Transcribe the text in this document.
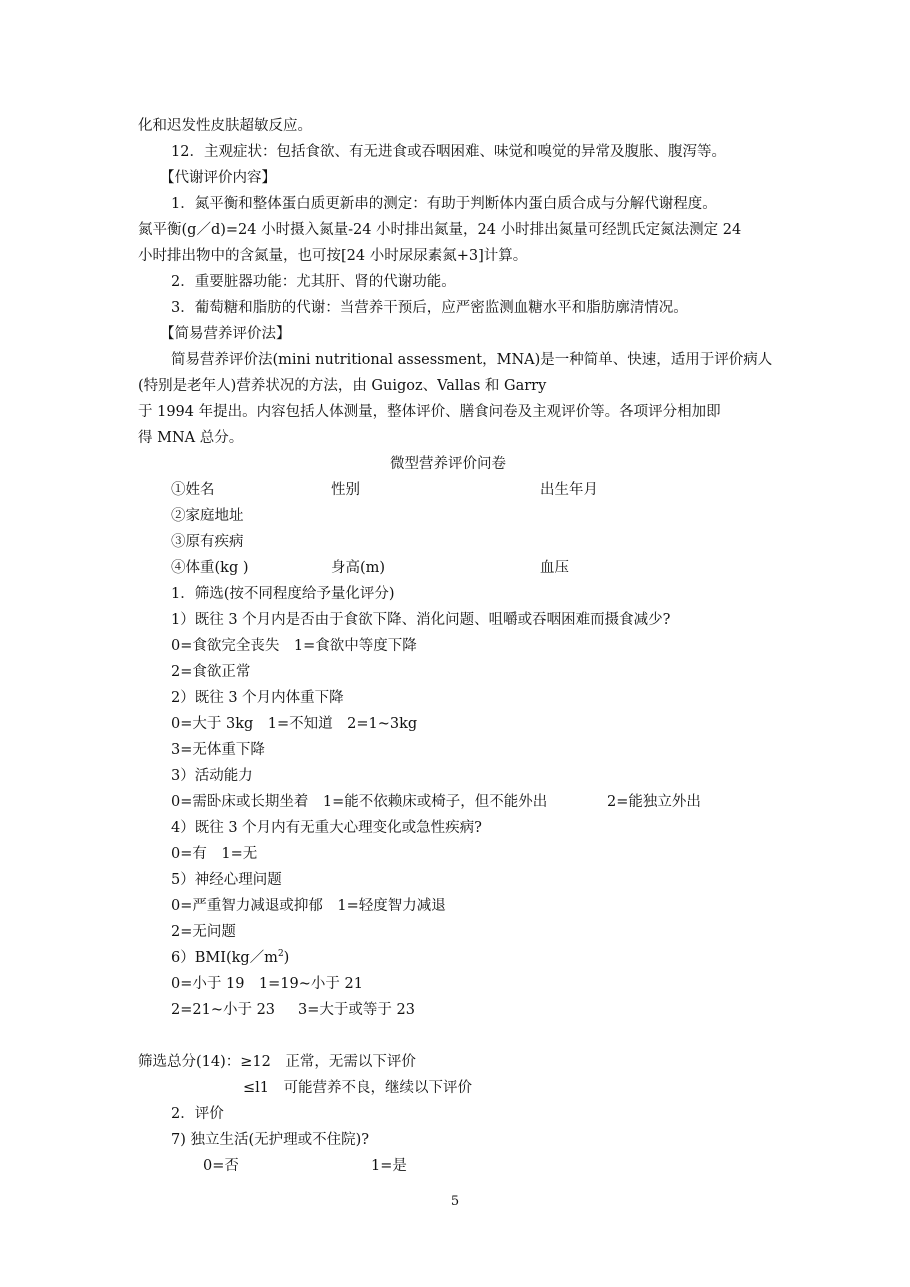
化和迟发性皮肤超敏反应。
12．主观症状：包括食欲、有无进食或吞咽困难、味觉和嗅觉的异常及腹胀、腹泻等。
【代谢评价内容】
1．氮平衡和整体蛋白质更新串的测定：有助于判断体内蛋白质合成与分解代谢程度。
氮平衡(g／d)=24 小时摄入氮量-24 小时排出氮量，24 小时排出氮量可经凯氏定氮法测定 24
小时排出物中的含氮量，也可按[24 小时尿尿素氮+3]计算。
2．重要脏器功能：尤其肝、肾的代谢功能。
3．葡萄糖和脂肪的代谢：当营养干预后，应严密监测血糖水平和脂肪廓清情况。
【简易营养评价法】
简易营养评价法(mini nutritional assessment，MNA)是一种简单、快速，适用于评价病人
(特别是老年人)营养状况的方法，由 Guigoz、Vallas 和 Garry
于 1994 年提出。内容包括人体测量，整体评价、膳食问卷及主观评价等。各项评分相加即
得 MNA 总分。
微型营养评价问卷
①姓名	性别	出生年月
②家庭地址
③原有疾病
④体重(kg )	身高(m)	血压
1．筛选(按不同程度给予量化评分)
1）既往 3 个月内是否由于食欲下降、消化问题、咀嚼或吞咽困难而摄食减少?
0=食欲完全丧失　1=食欲中等度下降
2=食欲正常
2）既往 3 个月内体重下降
0=大于 3kg　1=不知道　2=1~3kg
3=无体重下降
3）活动能力
0=需卧床或长期坐着　1=能不依赖床或椅子，但不能外出	2=能独立外出
4）既往 3 个月内有无重大心理变化或急性疾病?
0=有　1=无
5）神经心理问题
0=严重智力减退或抑郁　1=轻度智力减退
2=无问题
$6)BMI(kg/m^2)$
0=小于 19　1=19~小于 21
2=21~小于 23 3=大于或等于 23
筛选总分(14)：≥12　正常，无需以下评价
≤l1　可能营养不良，继续以下评价
2．评价
7) 独立生活(无护理或不住院)?
0=否	1=是
5
